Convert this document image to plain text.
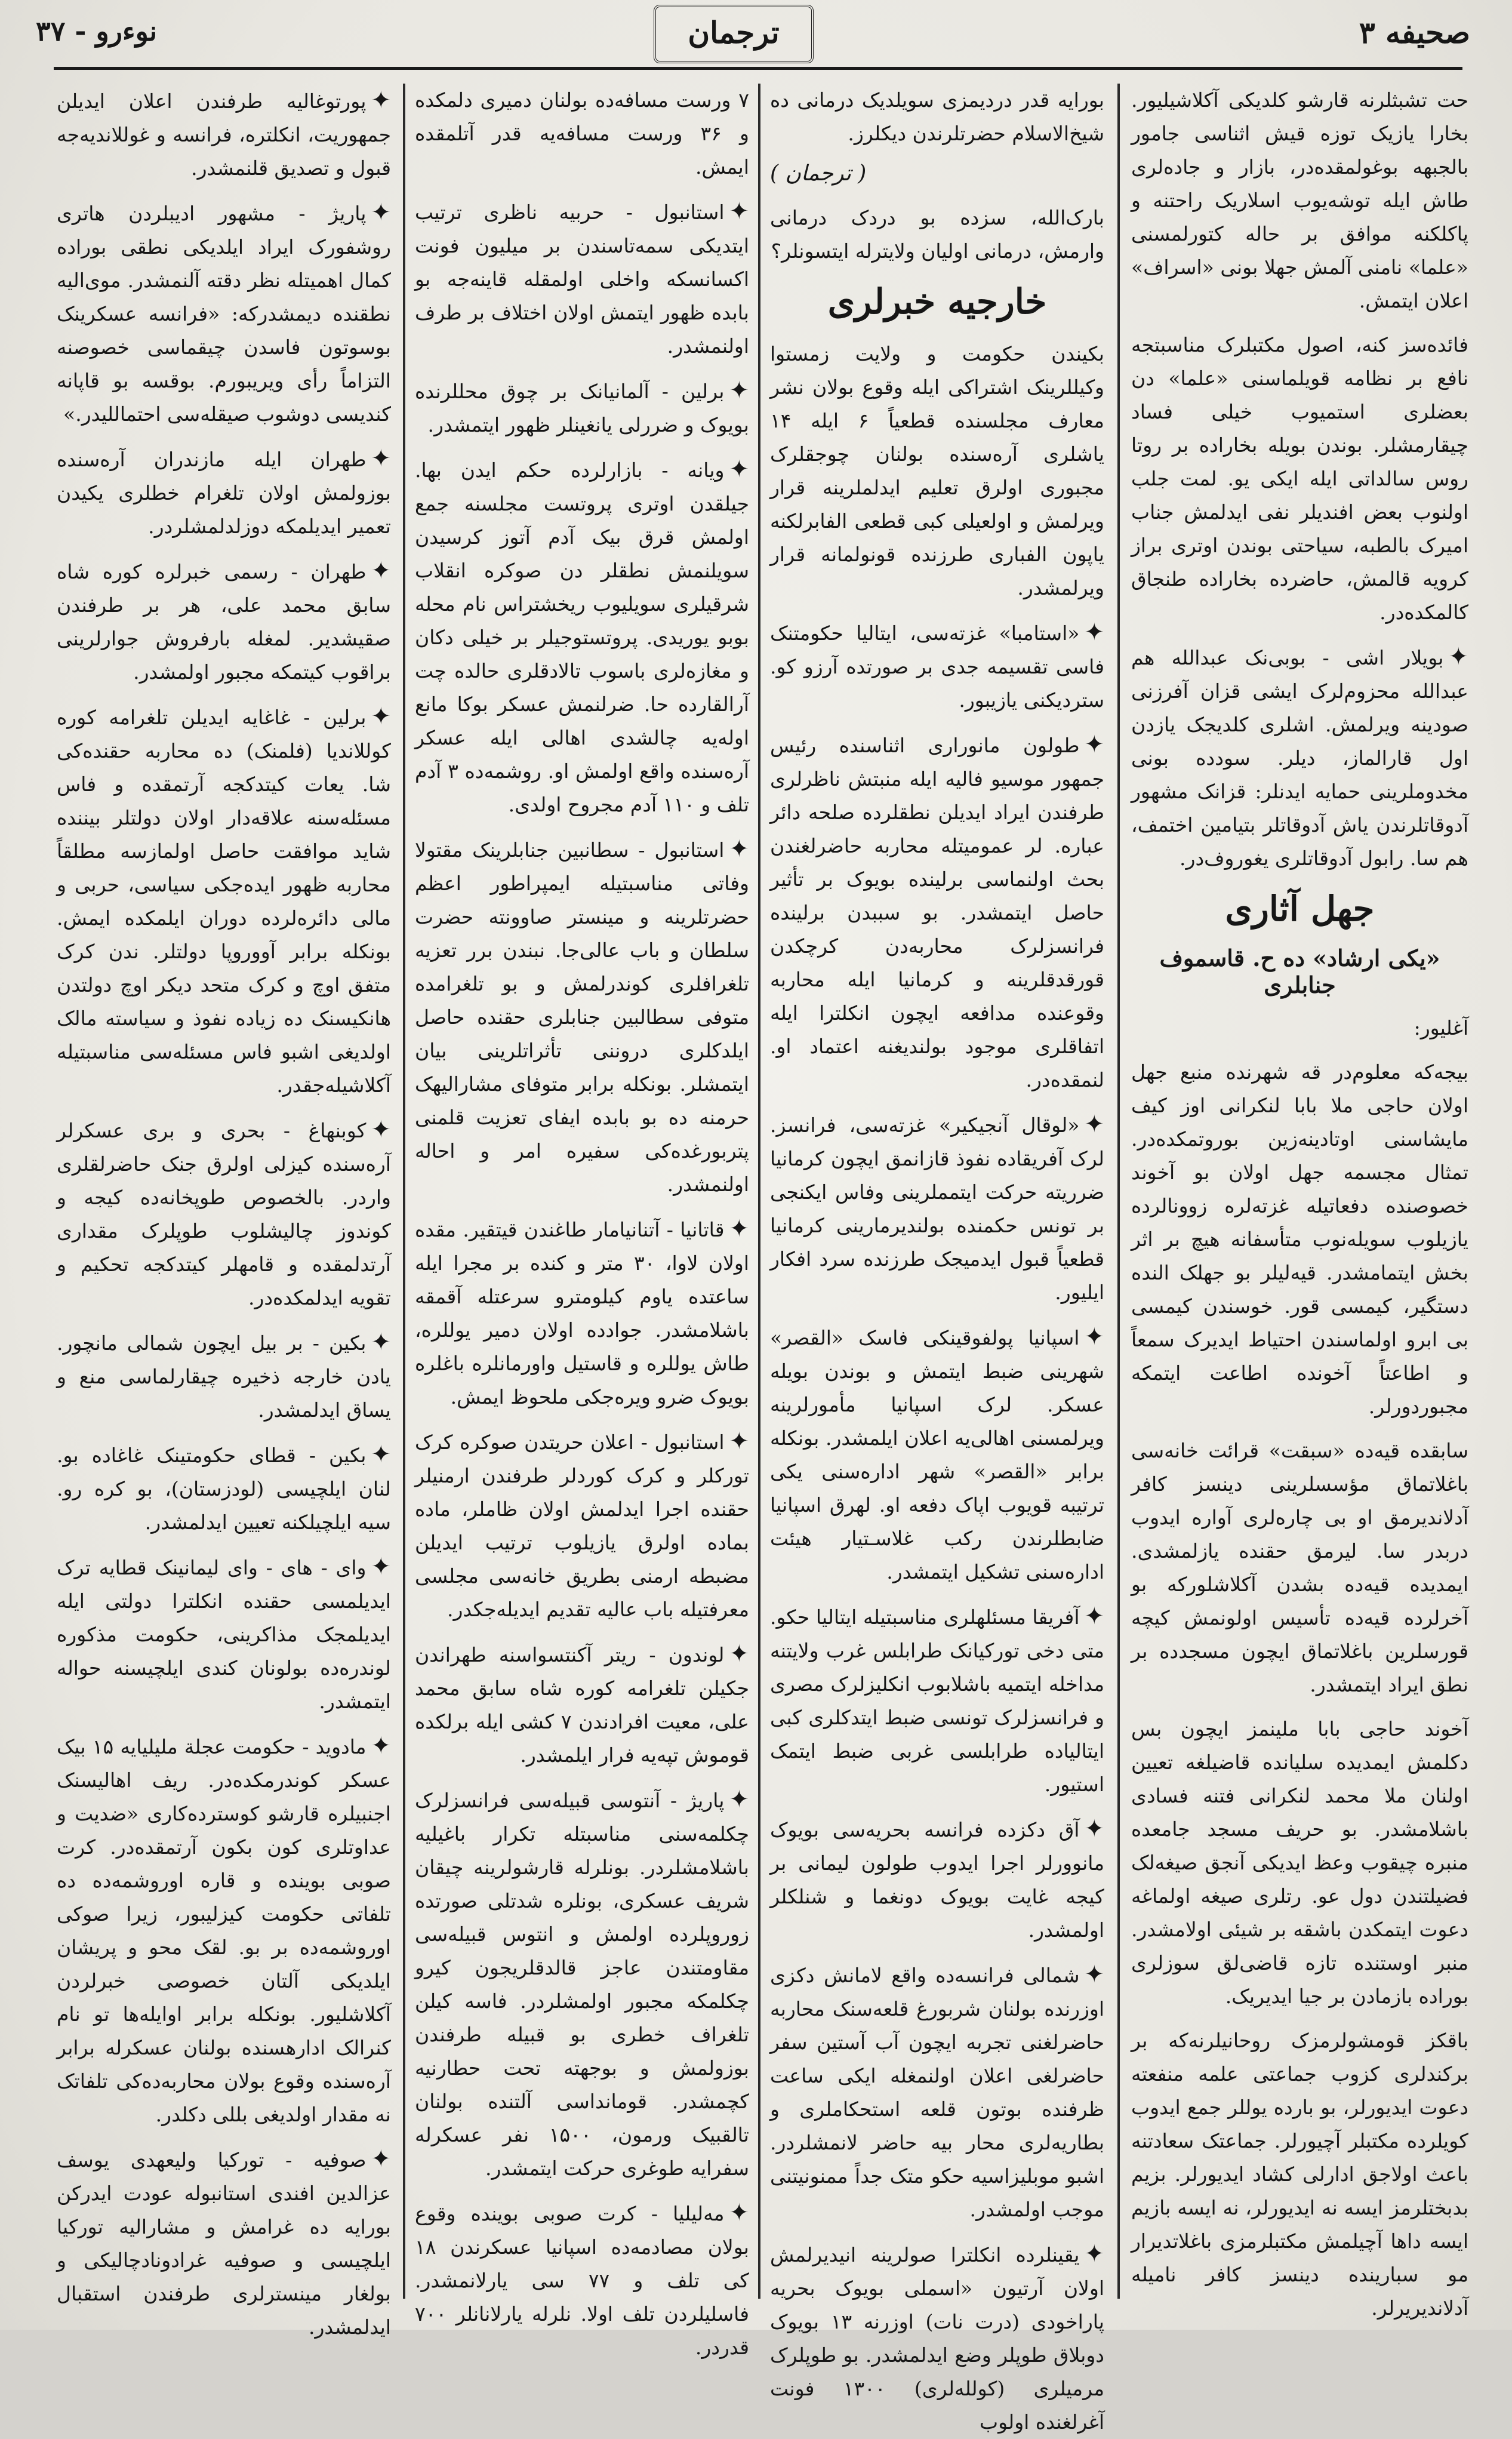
نوءرو - ۳۷	ترجمان	صحیفه ۳

حت تشبثلرنه قارشو کلدیکی آکلاشیلیور. بخارا یازیک توزه قیش اثناسی جامور بالجبهه بوغولمقده‌در، بازار و جاده‌لری طاش ایله توشه‌یوب اسلاریک راحتنه و پاکلکنه موافق بر حاله کتورلمسنی «علما» نامنی آلمش جهلا بونی «اسراف» اعلان ایتمش.

فائده‌سز کنه، اصول مکتبلرک مناسبتجه نافع بر نظامه قویلماسنی «علما» دن بعضلری استمیوب خیلی فساد چیقارمشلر. بوندن بویله بخاراده بر روتا روس سالداتی ایله ایکی یو. لمت جلب اولنوب بعض افندیلر نفی ایدلمش جناب امیرک بالطبه، سیاحتی بوندن اوتری براز کرویه قالمش، حاضرده بخاراده طنجاق کالمکده‌در.

✦بویلار اشی - بوبی‌نک عبدالله هم عبدالله محزوم‌لرک ایشی قزان آفرزنی صودینه ویرلمش. اشلری کلدیجک یازدن اول قارالماز، دیلر. سودده بونی مخدوملرینی حمایه ایدنلر: قزانک مشهور آدوقاتلرندن یاش آدوقاتلر بتیامین اختمف، هم سا. رابول آدوقاتلری یغوروف‌در.

جهل آثاری
«یکی ارشاد» ده ح. قاسموف جنابلری

آغلیور:

بیجه‌که معلوم‌در قه شهرنده منبع جهل اولان حاجی ملا بابا لنکرانی اوز کیف مایشاسنی اوتادینه‌زین بوروتمکده‌در. تمثال مجسمه جهل اولان بو آخوند خصوصنده دفعاتیله غزته‌لره زوونالرده یازیلوب سویله‌نوب متأسفانه هیچ بر اثر بخش ایتمامشدر. قیه‌لیلر بو جهلک النده دستگیر، کیمسی قور. خوسندن کیمسی بی ابرو اولماسندن احتیاط ایدیرک سمعاً و اطاعتاً آخونده اطاعت ایتمکه مجبوردورلر.

سابقده قیه‌ده «سبقت» قرائت خانه‌سی باغلاتماق مؤسسلرینی دینسز کافر آدلاندیرمق او بی چاره‌لری آواره ایدوب دربدر سا. لیرمق حقنده یازلمشدی. ایمدیده قیه‌ده بشدن آکلاشلورکه بو آخرلرده قیه‌ده تأسیس اولونمش کیچه قورسلرین باغلاتماق ایچون مسجدده بر نطق ایراد ایتمشدر.

آخوند حاجی بابا ملینمز ایچون بس دکلمش ایمدیده سلیانده قاضیلغه تعیین اولنان ملا محمد لنکرانی فتنه فسادی باشلامشدر. بو حریف مسجد جامعده منبره چیقوب وعظ ایدیکی آنجق صیغه‌لک فضیلتندن دول عو. رتلری صیغه اولماغه دعوت ایتمکدن باشقه بر شیئی اولامشدر. منبر اوستنده تازه قاضی‌لق سوزلری بوراده بازمادن بر جیا ایدیریک.

باقکز قومشولرمزک روحانیلرنه‌که بر برکندلری کزوب جماعتی علمه منفعته دعوت ایدیورلر، بو بارده یوللر جمع ایدوب کویلرده مکتبلر آچیورلر. جماعتک سعادتنه باعث اولاجق ادارلی کشاد ایدیورلر. بزیم بدبختلرمز ایسه نه ایدیورلر، نه ایسه بازیم ایسه داها آچیلمش مکتبلرمزی باغلاتدیرار مو سبارینده دینسز کافر نامیله آدلاندیریرلر.

بورایه قدر دردیمزی سویلدیک درمانی ده شیخ‌الاسلام حضرتلرندن دیکلرز.

( ترجمان )

بارک‌الله، سزده بو دردک درمانی وارمش، درمانی اولیان ولایترله ایتسونلر؟

خارجیه خبرلری

بکیندن حکومت و ولایت زمستوا وکیللرینک اشتراکی ایله وقوع بولان نشر معارف مجلسنده قطعیاً ۶ ایله ۱۴ یاشلری آره‌سنده بولنان چوجقلرک مجبوری اولرق تعلیم ایدلملرینه قرار ویرلمش و اولعیلی کبی قطعی الفابرلکنه یاپون الفباری طرزنده قونولمانه قرار ویرلمشدر.

✦«استامبا» غزته‌سی، ایتالیا حکومتنک فاسی تقسیمه جدی بر صورتده آرزو کو. ستردیکنی یازیبور.

✦طولون مانوراری اثناسنده رئیس جمهور موسیو فالیه ایله منبتش ناظرلری طرفندن ایراد ایدیلن نطقلرده صلحه دائر عباره. لر عمومیتله محاربه حاضرلغندن بحث اولنماسی برلینده بویوک بر تأثیر حاصل ایتمشدر. بو سببدن برلینده فرانسزلرک محاربه‌دن کرچکدن قورقدقلرینه و کرمانیا ایله محاربه وقوعنده مدافعه ایچون انکلترا ایله اتفاقلری موجود بولندیغنه اعتماد او. لنمقده‌در.

✦«لوقال آنجیکیر» غزته‌سی، فرانسز. لرک آفریقاده نفوذ قازانمق ایچون کرمانیا ضرریته حرکت ایتمملرینی وفاس ایکنجی بر تونس حکمنده بولندیرمارینی کرمانیا قطعیاً قبول ایدمیجک طرزنده سرد افکار ایلیور.

✦اسپانیا پولفوقینکی فاسک «القصر» شهرینی ضبط ایتمش و بوندن بویله عسکر. لرک اسپانیا مأمورلرینه ویرلمسنی اهالی‌یه اعلان ایلمشدر. بونکله برابر «القصر» شهر اداره‌سنی یکی ترتیبه قویوب اپاک دفعه او. لهرق اسپانیا ضابطلرندن رکب غلاسـتیار هیئت اداره‌سنی تشکیل ایتمشدر.

✦آفریقا مسئلهلری مناسبتیله ایتالیا حکو. متی دخی تورکیانک طرابلس غرب ولایتنه مداخله ایتمیه باشلابوب انکلیزلرک مصری و فرانسزلرک تونسی ضبط ایتدکلری کبی ایتالیاده طرابلسی غربی ضبط ایتمک استیور.

✦آق دکزده فرانسه بحریه‌سی بویوک مانوورلر اجرا ایدوب طولون لیمانی بر کیجه غایت بویوک دونغما و شنلکلر اولمشدر.

✦شمالی فرانسه‌ده واقع لامانش دکزی اوزرنده بولنان شربورغ قلعه‌سنک محاربه حاضرلغنی تجربه ایچون آب آستین سفر حاضرلغی اعلان اولنمغله ایکی ساعت ظرفنده بوتون قلعه استحکاملری و بطاریه‌لری محار بیه حاضر لانمشلردر. اشبو موبلیزاسیه حکو متک جداً ممنونیتنی موجب اولمشدر.

✦یقینلرده انکلترا صولرینه انیدیرلمش اولان آرتیون «اسملی بویوک بحریه پاراخودی (درت نات) اوزرنه ۱۳ بویوک دوبلاق طوپلر وضع ایدلمشدر. بو طوپلرک مرمیلری (کولله‌لری) ۱۳۰۰ فونت آغرلغنده اولوب

۷ ورست مسافه‌ده بولنان دمیری دلمکده و ۳۶ ورست مسافه‌یه قدر آتلمقده ایمش.

✦استانبول - حربیه ناظری ترتیب ایتدیکی سمه‌تاسندن بر میلیون فونت اکسانسکه واخلی اولمقله قاینه‌جه بو بابده ظهور ایتمش اولان اختلاف بر طرف اولنمشدر.

✦برلین - آلمانیانک بر چوق محللرنده بویوک و ضررلی یانغینلر ظهور ایتمشدر.

✦ویانه - بازارلرده حکم ایدن بها. جیلقدن اوتری پروتست مجلسنه جمع اولمش قرق بیک آدم آتوز کرسیدن سویلنمش نطقلر دن صوکره انقلاب شرقیلری سویلیوب ریخشتراس نام محله بوبو یوریدی. پروتستوجیلر بر خیلی دکان و مغازه‌لری باسوب تالادقلری حالده چت آرالقارده حا. ضرلنمش عسکر بوکا مانع اوله‌یه چالشدی اهالی ایله عسکر آره‌سنده واقع اولمش او. روشمه‌ده ۳ آدم تلف و ۱۱۰ آدم مجروح اولدی.

✦استانبول - سطانبین جنابلرینک مقتولا وفاتی مناسبتیله ایمپراطور اعظم حضرتلرینه و مینستر صاوونته حضرت سلطان و باب عالی‌جا. نبندن برر تعزیه تلغرافلری کوندرلمش و بو تلغرامده متوفی سطالبین جنابلری حقنده حاصل ایلدکلری دروننی تأثراتلرینی بیان ایتمشلر. بونکله برابر متوفای مشارالیهک حرمنه ده بو بابده ایفای تعزیت قلمنی پتربورغده‌کی سفیره امر و احاله اولنمشدر.

✦قاتانیا - آتنانیامار طاغندن قیتقیر. مقده اولان لاوا، ۳۰ متر و کنده بر مجرا ایله ساعتده یاوم کیلومترو سرعتله آقمقه باشلامشدر. جوادده اولان دمیر یوللره، طاش یوللره و قاستیل واورمانلره باغلره بویوک ضرو ویره‌جکی ملحوظ ایمش.

✦استانبول - اعلان حریتدن صوکره کرک تورکلر و کرک کوردلر طرفندن ارمنیلر حقنده اجرا ایدلمش اولان ظاملر، ماده بماده اولرق یازیلوب ترتیب ایدیلن مضبطه ارمنی بطریق خانه‌سی مجلسی معرفتیله باب عالیه تقدیم ایدیله‌جکدر.

✦لوندون - ریتر آکنتسواسنه طهراندن جکیلن تلغرامه کوره شاه سابق محمد علی، معیت افرادندن ۷ کشی ایله برلکده قوموش تپه‌یه فرار ایلمشدر.

✦پاریژ - آنتوسی قبیله‌سی فرانسزلرک چکلمه‌سنی مناسبتله تکرار باغیلیه باشلامشلردر. بونلرله قارشولرینه چیقان شریف عسکری، بونلره شدتلی صورتده زوروپلرده اولمش و انتوس قبیله‌سی مقاومتندن عاجز قالدقلریجون کیرو چکلمکه مجبور اولمشلردر. فاسه کیلن تلغراف خطری بو قبیله طرفندن بوزولمش و بوجهته تحت حطارنیه کچمشدر. قومانداسی آلتنده بولنان تالقبیک ورمون، ۱۵۰۰ نفر عسکرله سفرایه طوغری حرکت ایتمشدر.

✦مه‌لیلیا - کرت صوبی بوینده وقوع بولان مصادمه‌ده اسپانیا عسکرندن ۱۸ کی تلف و ۷۷ سی یارلانمشدر. فاسلیلردن تلف اولا. نلرله یارلانانلر ۷۰۰ قدردر.

✦پورتوغالیه طرفندن اعلان ایدیلن جمهوریت، انکلتره، فرانسه و غوللاندیه‌جه قبول و تصدیق قلنمشدر.

✦پاریژ - مشهور ادیبلردن هاتری روشفورک ایراد ایلدیکی نطقی بوراده کمال اهمیتله نظر دقته آلنمشدر. موی‌الیه نطقنده دیمشدرکه: «فرانسه عسکرینک بوسوتون فاسدن چیقماسی خصوصنه التزاماً رأی ویریبورم. بوقسه بو قاپانه کندیسی دوشوب صیقله‌سی احتماللیدر.»

✦طهران ایله مازندران آره‌سنده بوزولمش اولان تلغرام خطلری یکیدن تعمیر ایدیلمکه دوزلدلمشلردر.

✦طهران - رسمی خبرلره کوره شاه سابق محمد علی، هر بر طرفندن صقیشدیر. لمغله بارفروش جوارلرینی براقوب کیتمکه مجبور اولمشدر.

✦برلین - غاغایه ایدیلن تلغرامه کوره کوللاندیا (فلمنک) ده محاربه حقنده‌کی شا. یعات کیتدکجه آرتمقده و فاس مسئله‌سنه علاقه‌دار اولان دولتلر بیننده شاید موافقت حاصل اولمازسه مطلقاً محاربه ظهور ایده‌جکی سیاسی، حربی و مالی دائره‌لرده دوران ایلمکده ایمش. بونکله برابر آووروپا دولتلر. ندن کرک متفق اوچ و کرک متحد دیکر اوچ دولتدن هانکیسنک ده زیاده نفوذ و سیاسته مالک اولدیغی اشبو فاس مسئله‌سی مناسبتیله آکلاشیله‌جقدر.

✦کوبنهاغ - بحری و بری عسکرلر آره‌سنده کیزلی اولرق جنک حاضرلقلری واردر. بالخصوص طوپخانه‌ده کیجه و کوندوز چالیشلوب طوپلرک مقداری آرتدلمقده و قامهلر کیتدکجه تحکیم و تقویه ایدلمکده‌در.

✦بکین - بر بیل ایچون شمالی مانچور. یادن خارجه ذخیره چیقارلماسی منع و یساق ایدلمشدر.

✦بکین - قطای حکومتینک غاغاده بو. لنان ایلچیسی (لودزستان)، بو کره رو. سیه ایلچیلکنه تعیین ایدلمشدر.

✦وای - های - وای لیمانینک قطایه ترک ایدیلمسی حقنده انکلترا دولتی ایله ایدیلمجک مذاکرینی، حکومت مذکوره لوندره‌ده بولونان کندی ایلچیسنه حواله ایتمشدر.

✦مادوید - حکومت عجلة ملیلیایه ۱۵ بیک عسکر کوندرمکده‌در. ریف اهالیسنک اجنبیلره قارشو کوسترده‌کاری «ضدیت و عداوتلری کون بکون آرتمقده‌در. کرت صوبی بوینده و قاره اوروشمه‌ده ده تلفاتی حکومت کیزلیبور، زیرا صوکی اوروشمه‌ده بر بو. لقک محو و پریشان ایلدیکی آلتان خصوصی خبرلردن آکلاشلیور. بونکله برابر اوایله‌ها تو نام کنرالک ادارهسنده بولنان عسکرله برابر آره‌سنده وقوع بولان محاربه‌ده‌کی تلفاتک نه مقدار اولدیغی بللی دکلدر.

✦صوفیه - تورکیا ولیعهدی یوسف عزالدین افندی استانبوله عودت ایدرکن بورایه ده غرامش و مشارالیه تورکیا ایلچیسی و صوفیه غرادونادچالیکی و بولغار مینسترلری طرفندن استقبال ایدلمشدر.
